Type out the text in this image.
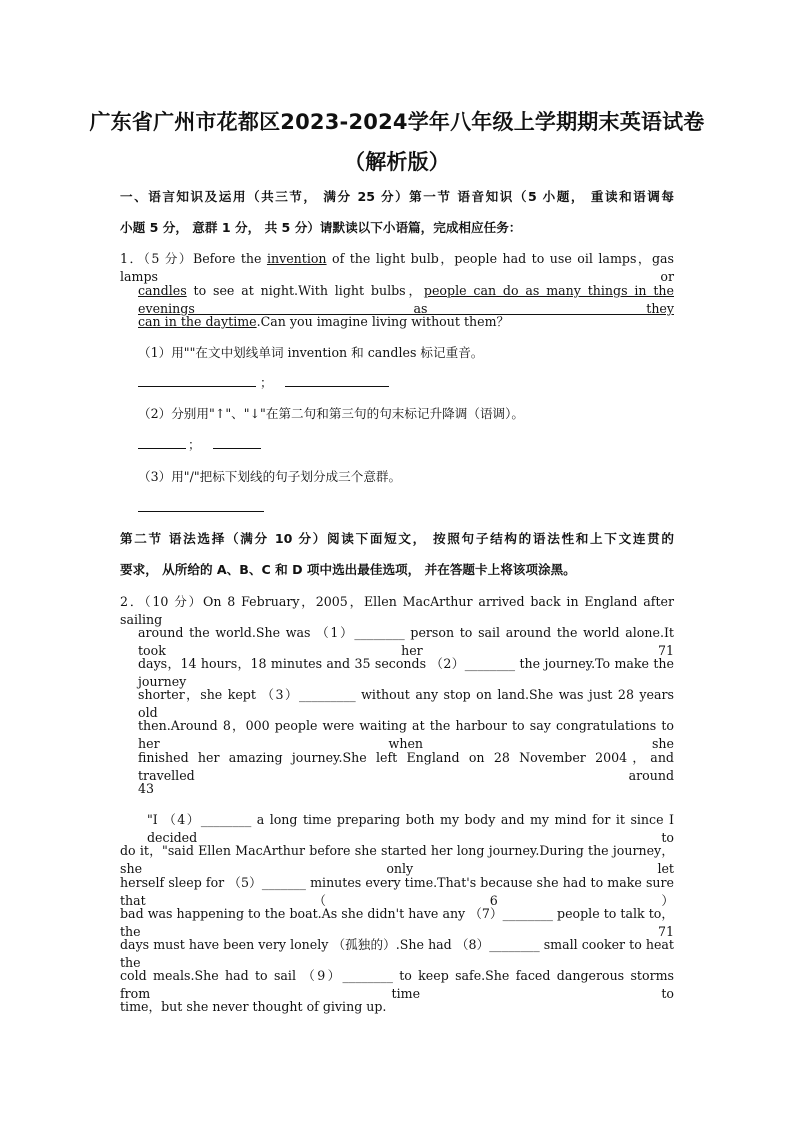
广东省广州市花都区2023-2024学年八年级上学期期末英语试卷
（解析版）
一、语言知识及运用（共三节， 满分 25 分）第一节 语音知识（5 小题， 重读和语调每
小题 5 分， 意群 1 分， 共 5 分）请默读以下小语篇，完成相应任务：
1．（5 分）Before the invention of the light bulb，people had to use oil lamps，gas lamps or
candles to see at night.With light bulbs，people can do as many things in the evenings as they
can in the daytime.Can you imagine living without them？
（1）用""在文中划线单词 invention 和 candles 标记重音。
；
（2）分别用"↑"、"↓"在第二句和第三句的句末标记升降调（语调）。
；
（3）用"/"把标下划线的句子划分成三个意群。
第二节 语法选择（满分 10 分）阅读下面短文， 按照句子结构的语法性和上下文连贯的
要求， 从所给的 A、B、C 和 D 项中选出最佳选项， 并在答题卡上将该项涂黑。
2．（10 分）On 8 February，2005，Ellen MacArthur arrived back in England after sailing
around the world.She was （1）________ person to sail around the world alone.It took her 71
days，14 hours，18 minutes and 35 seconds （2）________ the journey.To make the journey
shorter，she kept （3）_________ without any stop on land.She was just 28 years old
then.Around 8，000 people were waiting at the harbour to say congratulations to her when she
finished her amazing journey.She left England on 28 November 2004，and travelled around
43
"I （4）________ a long time preparing both my body and my mind for it since I decided to
do it，"said Ellen MacArthur before she started her long journey.During the journey，she only let
herself sleep for （5）_______ minutes every time.That's because she had to make sure that （6）
bad was happening to the boat.As she didn't have any （7）________ people to talk to，the 71
days must have been very lonely （孤独的）.She had （8）________ small cooker to heat the
cold meals.She had to sail （9）________ to keep safe.She faced dangerous storms from time to
time，but she never thought of giving up.
